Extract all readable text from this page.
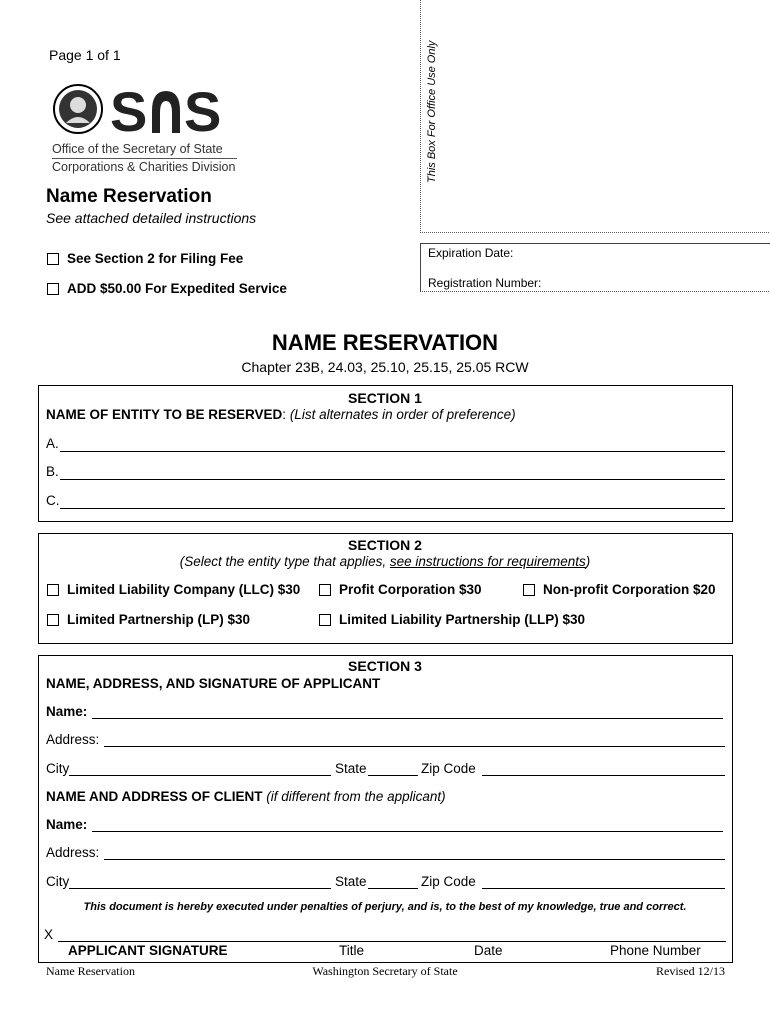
Page 1 of 1
S S
Office of the Secretary of State
Corporations & Charities Division	This Box For Office Use Only
Expiration Date:
Registration Number:
Name Reservation
See attached detailed instructions
See Section 2 for Filing Fee
ADD $50.00 For Expedited Service
NAME RESERVATION
Chapter 23B, 24.03, 25.10, 25.15, 25.05 RCW
SECTION 1
NAME OF ENTITY TO BE RESERVED: (List alternates in order of preference)
A.
B.
C.
SECTION 2
(Select the entity type that applies, see instructions for requirements)
Limited Liability Company (LLC) $30	Profit Corporation $30	Non-profit Corporation $20
Limited Partnership (LP) $30	Limited Liability Partnership (LLP) $30
SECTION 3
NAME, ADDRESS, AND SIGNATURE OF APPLICANT
Name:
Address:
City	State	Zip Code
NAME AND ADDRESS OF CLIENT (if different from the applicant)
Name:
Address:
City	State	Zip Code
This document is hereby executed under penalties of perjury, and is, to the best of my knowledge, true and correct.
X
APPLICANT SIGNATURE	Title	Date	Phone Number
Name Reservation	Washington Secretary of State	Revised 12/13
